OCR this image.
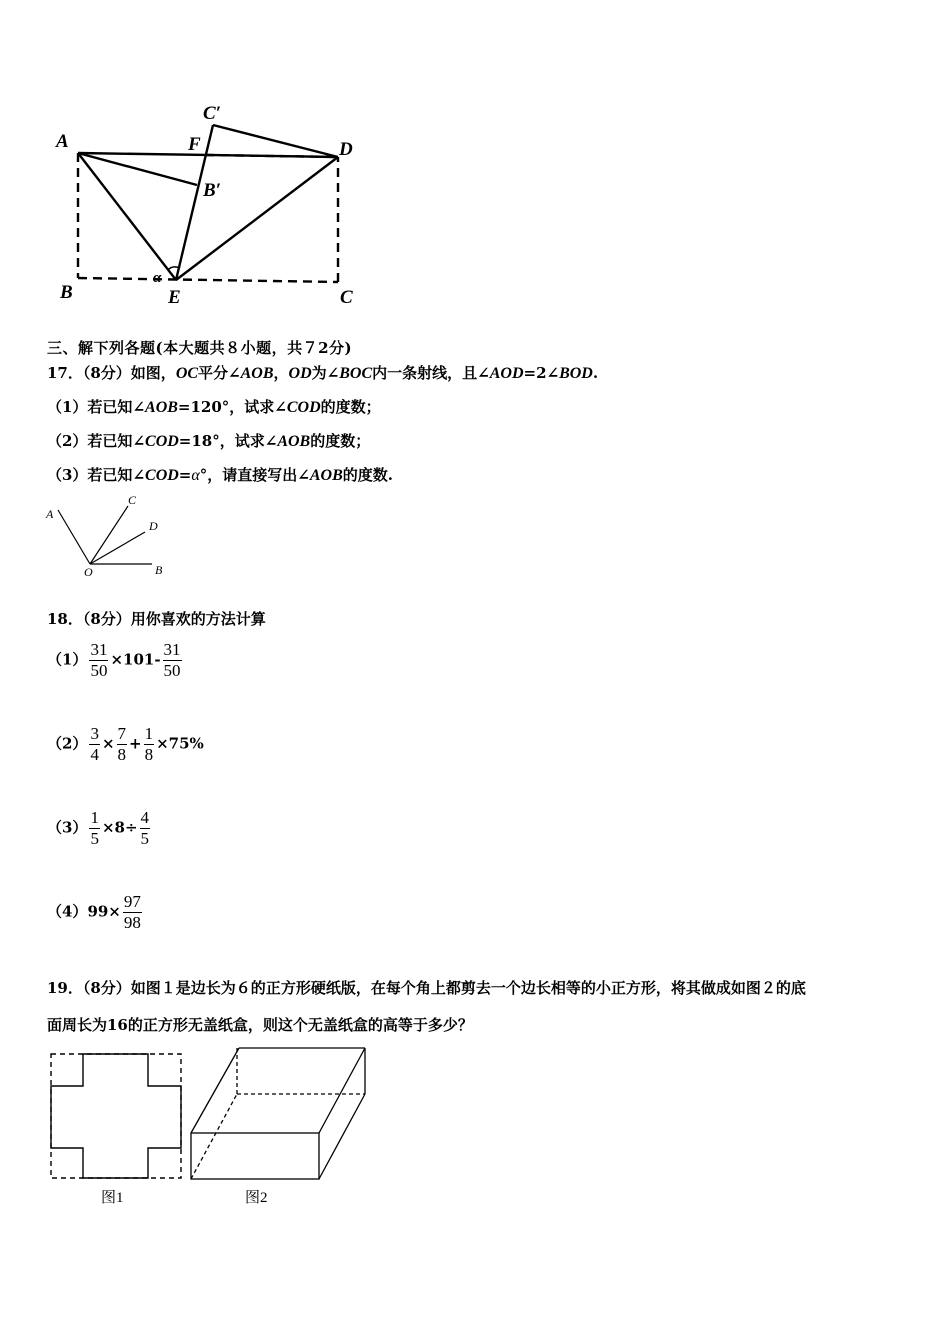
A
B	C
D
E
F
B′
C′
α
三、解下列各题(本大题共８小题，共７2分)
17．（8分）如图，OC平分∠AOB，OD为∠BOC内一条射线，且∠AOD=2∠BOD.
（1）若已知∠AOB=120°，试求∠COD的度数；
（2）若已知∠COD=18°，试求∠AOB的度数；
（3）若已知∠COD=α°，请直接写出∠AOB的度数.
A
C
D
O	B
18．（8分）用你喜欢的方法计算
$(1) \frac{31}{50} \times 101- \frac{31}{50}$
$(2) \frac{3}{4} \times \frac{7}{8} + \frac{1}{8} \times 75\%$
$(3) \frac{1}{5} \times 8\div \frac{4}{5}$
$(4)99\times \frac{97}{98}$
19．（8分）如图１是边长为６的正方形硬纸版，在每个角上都剪去一个边长相等的小正方形，将其做成如图２的底
面周长为16的正方形无盖纸盒，则这个无盖纸盒的高等于多少？
图1	图2
